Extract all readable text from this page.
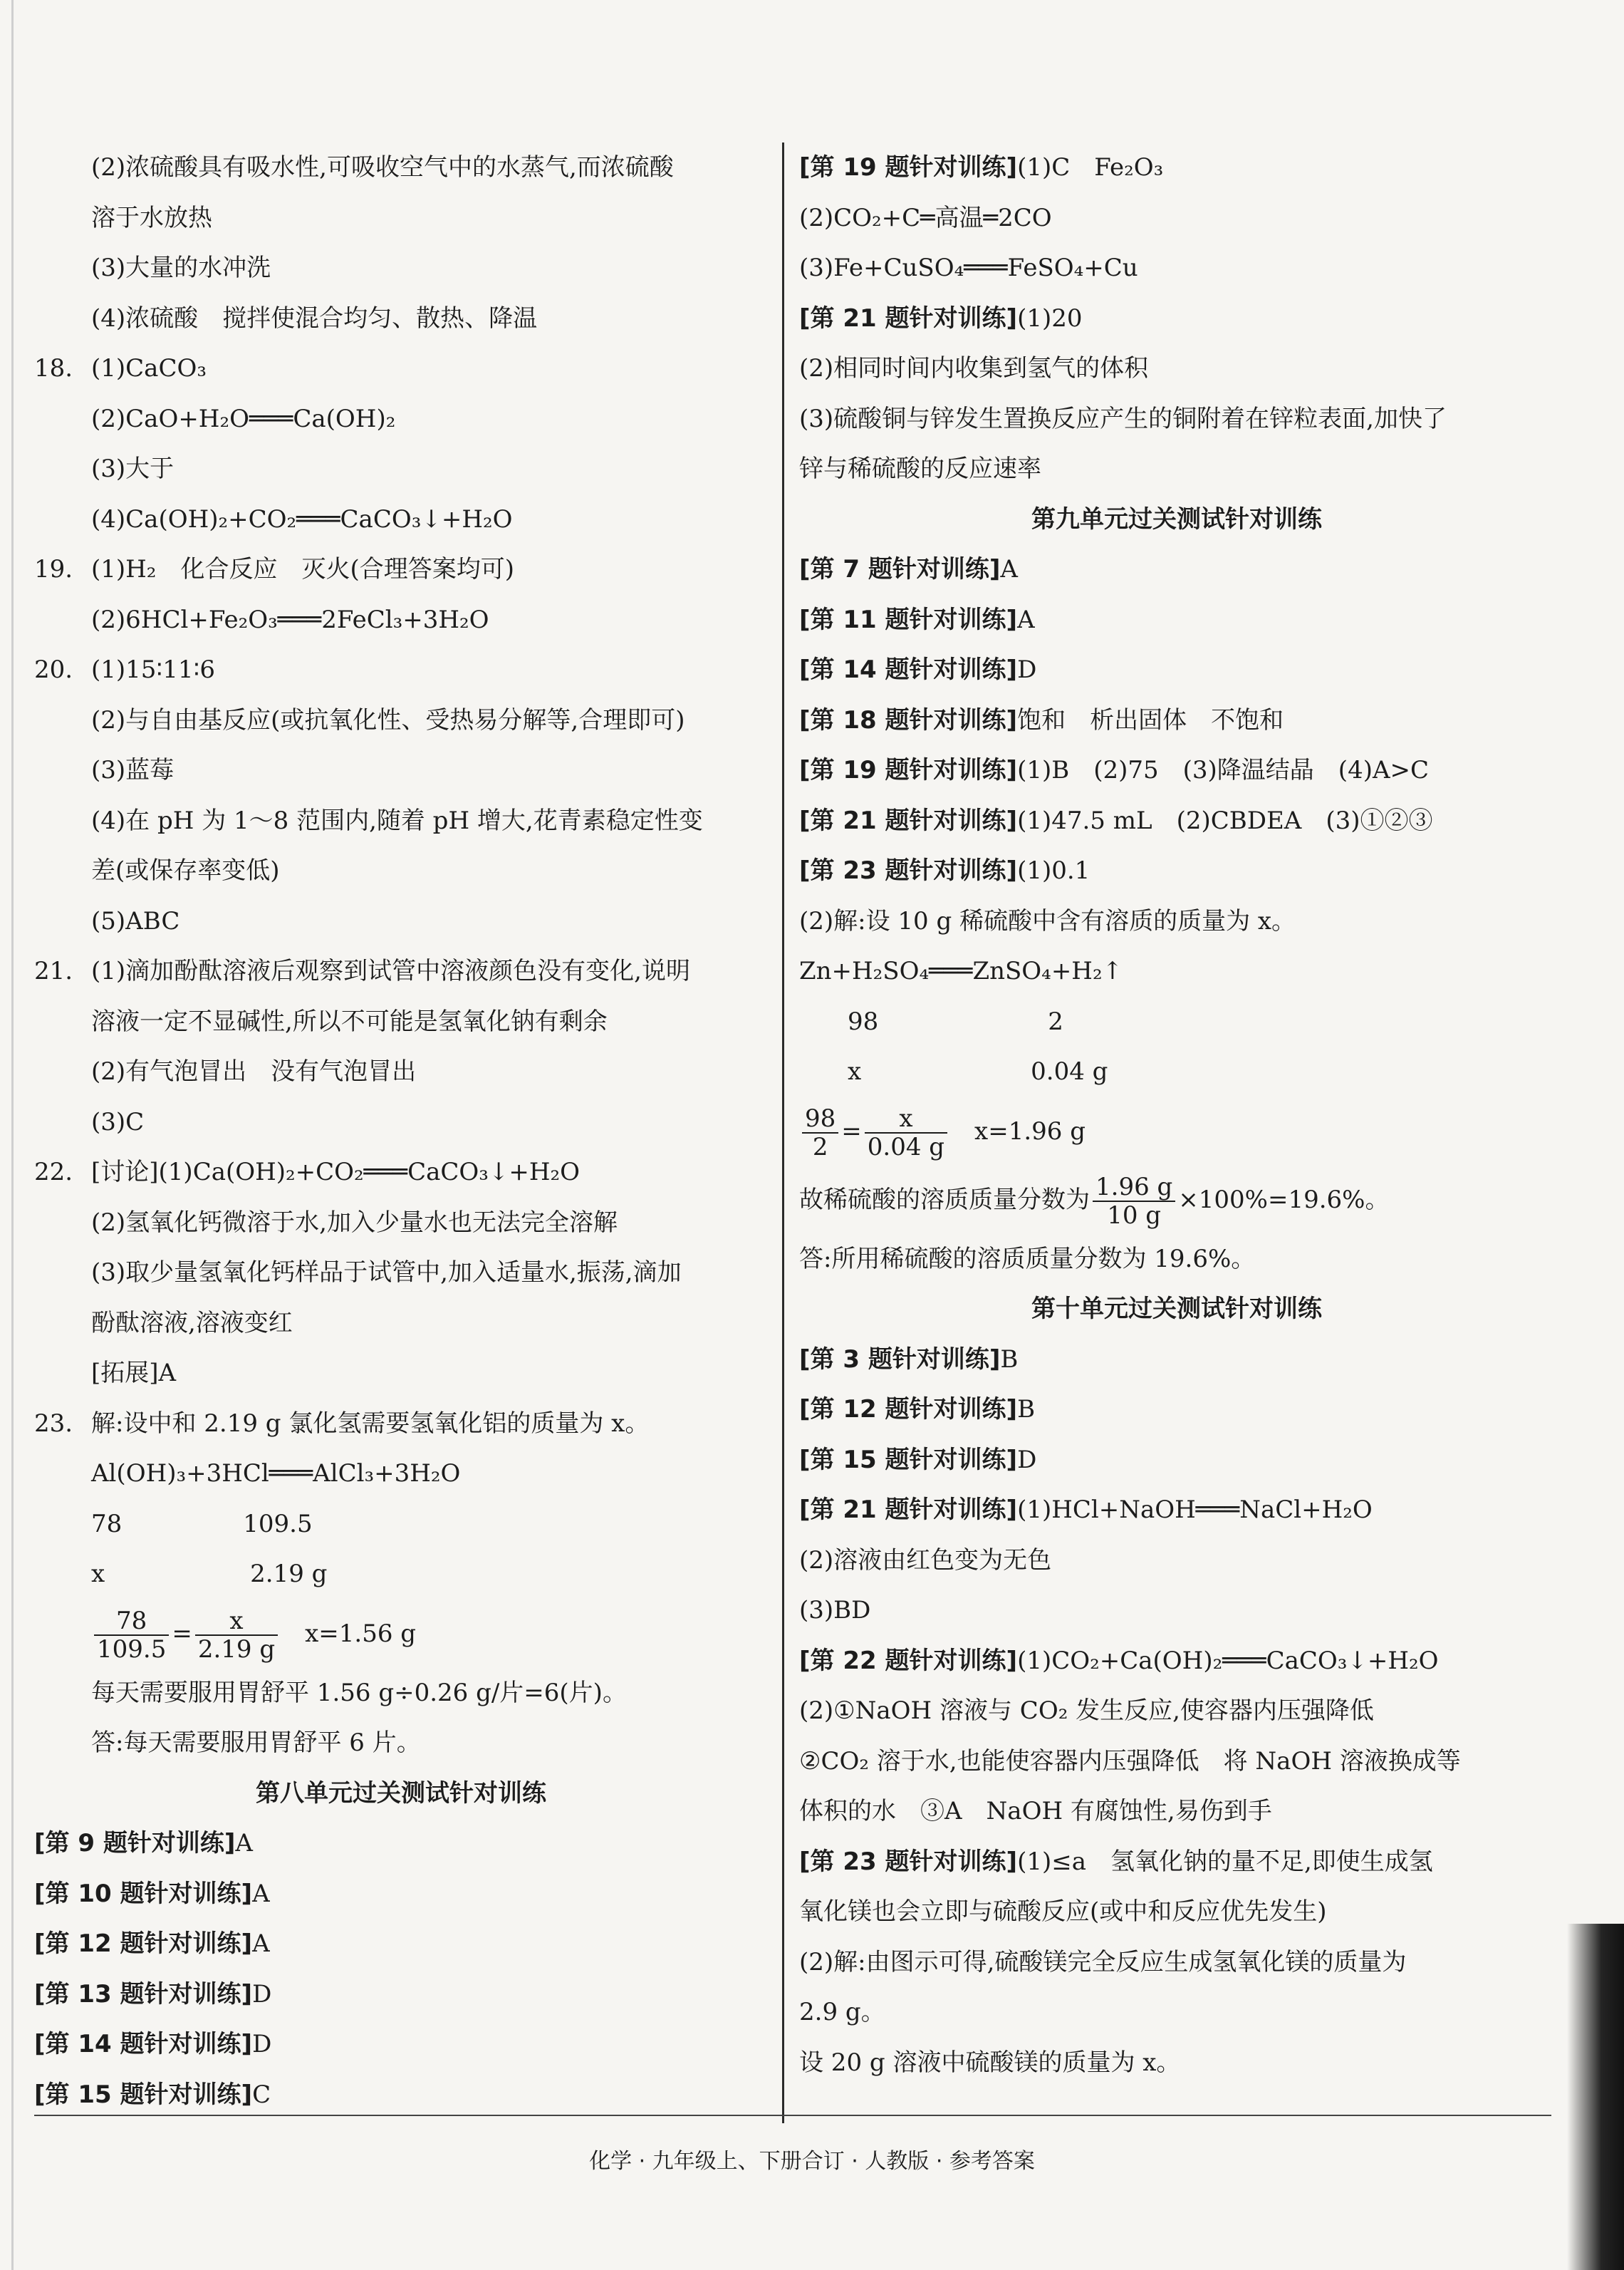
(2)浓硫酸具有吸水性,可吸收空气中的水蒸气,而浓硫酸
溶于水放热
(3)大量的水冲洗
(4)浓硫酸　搅拌使混合均匀、散热、降温
18. (1)CaCO₃
(2)CaO+H₂O═══Ca(OH)₂
(3)大于
(4)Ca(OH)₂+CO₂═══CaCO₃↓+H₂O
19. (1)H₂　化合反应　灭火(合理答案均可)
(2)6HCl+Fe₂O₃═══2FeCl₃+3H₂O
20. (1)15∶11∶6
(2)与自由基反应(或抗氧化性、受热易分解等,合理即可)
(3)蓝莓
(4)在 pH 为 1～8 范围内,随着 pH 增大,花青素稳定性变
差(或保存率变低)
(5)ABC
21. (1)滴加酚酞溶液后观察到试管中溶液颜色没有变化,说明
溶液一定不显碱性,所以不可能是氢氧化钠有剩余
(2)有气泡冒出　没有气泡冒出
(3)C
22. [讨论](1)Ca(OH)₂+CO₂═══CaCO₃↓+H₂O
(2)氢氧化钙微溶于水,加入少量水也无法完全溶解
(3)取少量氢氧化钙样品于试管中,加入适量水,振荡,滴加
酚酞溶液,溶液变红
[拓展]A
23. 解:设中和 2.19 g 氯化氢需要氢氧化铝的质量为 x。
Al(OH)₃+3HCl═══AlCl₃+3H₂O
78　　　　　109.5
x　　　　　　2.19 g
$\frac{78}{109.5} = \frac{x}{2.19 g}$ 　x=1.56 g
每天需要服用胃舒平 1.56 g÷0.26 g/片=6(片)。
答:每天需要服用胃舒平 6 片。
第八单元过关测试针对训练
[第 9 题针对训练]A
[第 10 题针对训练]A
[第 12 题针对训练]A
[第 13 题针对训练]D
[第 14 题针对训练]D
[第 15 题针对训练]C
[第 19 题针对训练](1)C　Fe₂O₃
(2)CO₂+C═高温═2CO
(3)Fe+CuSO₄═══FeSO₄+Cu
[第 21 题针对训练](1)20
(2)相同时间内收集到氢气的体积
(3)硫酸铜与锌发生置换反应产生的铜附着在锌粒表面,加快了
锌与稀硫酸的反应速率
第九单元过关测试针对训练
[第 7 题针对训练]A
[第 11 题针对训练]A
[第 14 题针对训练]D
[第 18 题针对训练]饱和　析出固体　不饱和
[第 19 题针对训练](1)B　(2)75　(3)降温结晶　(4)A>C
[第 21 题针对训练](1)47.5 mL　(2)CBDEA　(3)①②③
[第 23 题针对训练](1)0.1
(2)解:设 10 g 稀硫酸中含有溶质的质量为 x。
Zn+H₂SO₄═══ZnSO₄+H₂↑
　　98　　　　　　　2
　　x　　　　　　　0.04 g
$\frac{98}{2} = \frac{x}{0.04 g}$ 　x=1.96 g
故稀硫酸的溶质质量分数为 $\frac{1.96 g}{10 g} \times 100\%=19.6\%$。
答:所用稀硫酸的溶质质量分数为 19.6%。
第十单元过关测试针对训练
[第 3 题针对训练]B
[第 12 题针对训练]B
[第 15 题针对训练]D
[第 21 题针对训练](1)HCl+NaOH═══NaCl+H₂O
(2)溶液由红色变为无色
(3)BD
[第 22 题针对训练](1)CO₂+Ca(OH)₂═══CaCO₃↓+H₂O
(2)①NaOH 溶液与 CO₂ 发生反应,使容器内压强降低
②CO₂ 溶于水,也能使容器内压强降低　将 NaOH 溶液换成等
体积的水　③A　NaOH 有腐蚀性,易伤到手
[第 23 题针对训练](1)≤a　氢氧化钠的量不足,即使生成氢
氧化镁也会立即与硫酸反应(或中和反应优先发生)
(2)解:由图示可得,硫酸镁完全反应生成氢氧化镁的质量为
2.9 g。
设 20 g 溶液中硫酸镁的质量为 x。
化学 · 九年级上、下册合订 · 人教版 · 参考答案
